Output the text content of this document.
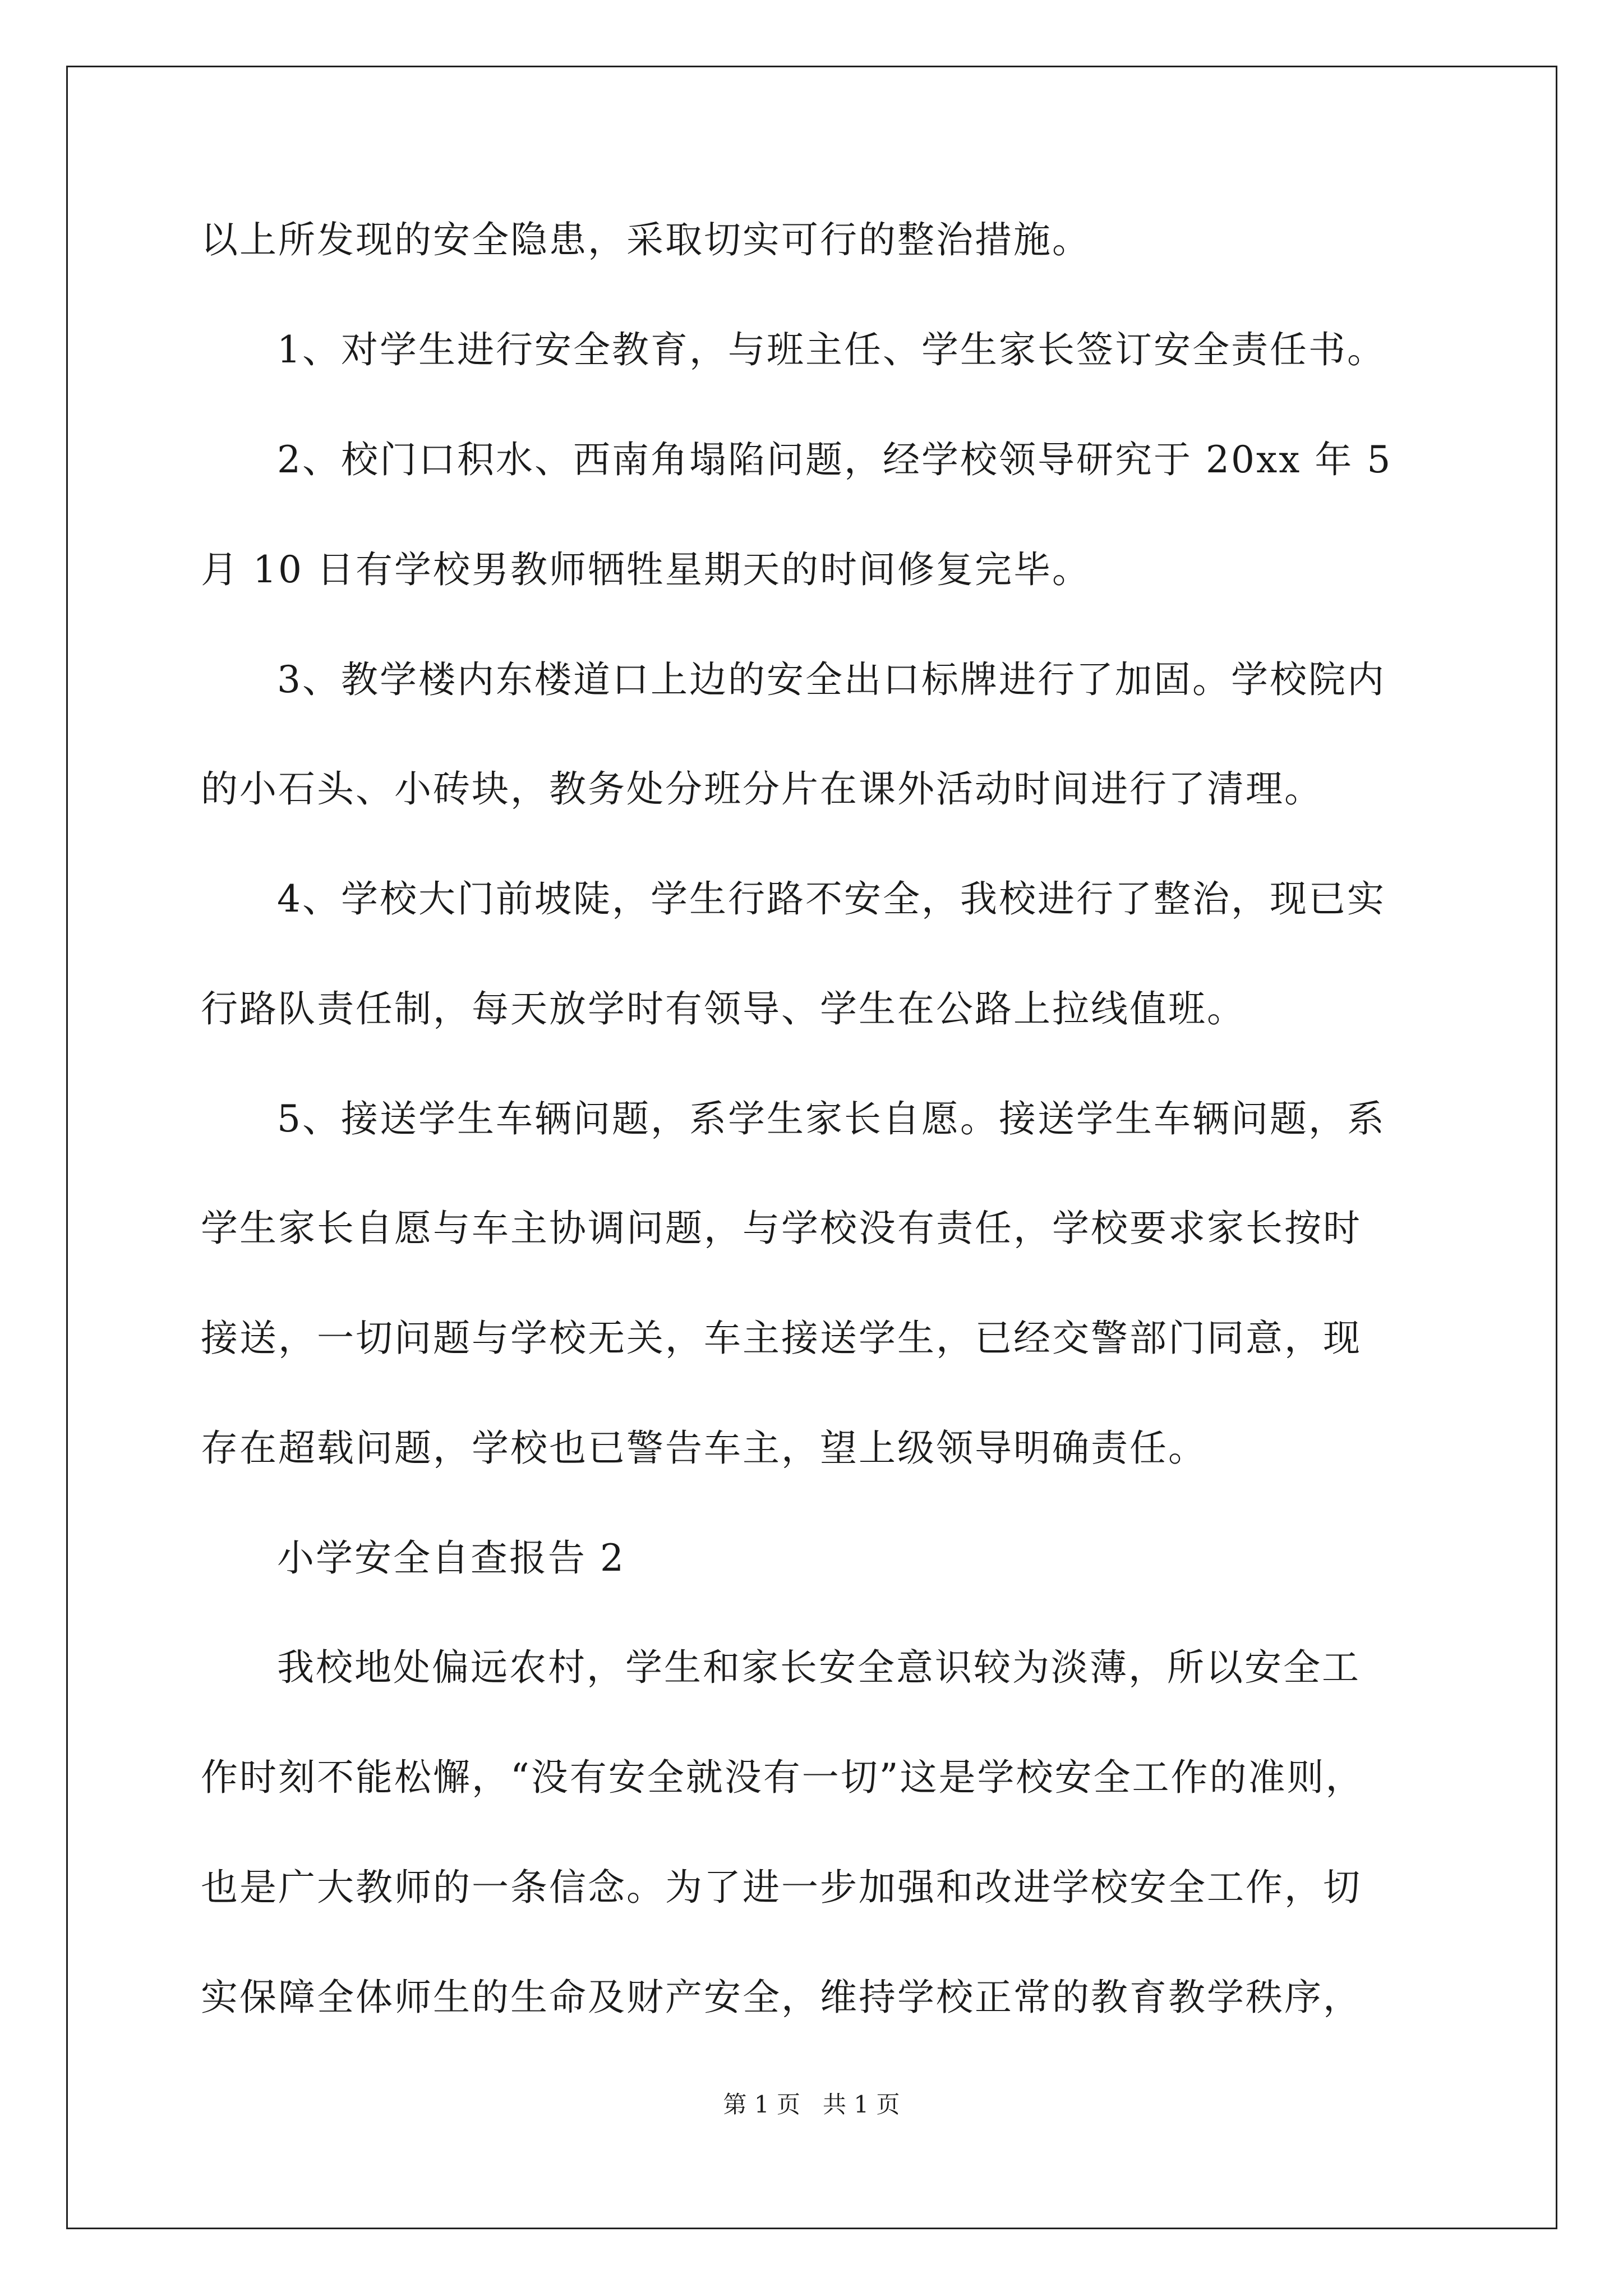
以上所发现的安全隐患，采取切实可行的整治措施。
1、对学生进行安全教育，与班主任、学生家长签订安全责任书。
2、校门口积水、西南角塌陷问题，经学校领导研究于 20xx 年 5
月 10 日有学校男教师牺牲星期天的时间修复完毕。
3、教学楼内东楼道口上边的安全出口标牌进行了加固。学校院内
的小石头、小砖块，教务处分班分片在课外活动时间进行了清理。
4、学校大门前坡陡，学生行路不安全，我校进行了整治，现已实
行路队责任制，每天放学时有领导、学生在公路上拉线值班。
5、接送学生车辆问题，系学生家长自愿。接送学生车辆问题，系
学生家长自愿与车主协调问题，与学校没有责任，学校要求家长按时
接送，一切问题与学校无关，车主接送学生，已经交警部门同意，现
存在超载问题，学校也已警告车主，望上级领导明确责任。
小学安全自查报告 2
我校地处偏远农村，学生和家长安全意识较为淡薄，所以安全工
作时刻不能松懈，“没有安全就没有一切”这是学校安全工作的准则，
也是广大教师的一条信念。为了进一步加强和改进学校安全工作，切
实保障全体师生的生命及财产安全，维持学校正常的教育教学秩序，
第 1 页   共 1 页
